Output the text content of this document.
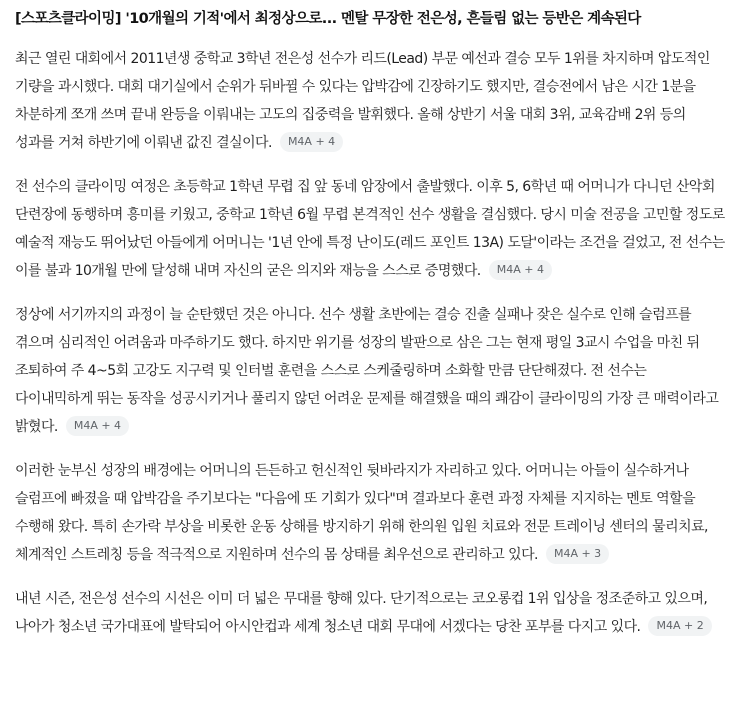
[스포츠클라이밍] '10개월의 기적'에서 최정상으로... 멘탈 무장한 전은성, 흔들림 없는 등반은 계속된다

최근 열린 대회에서 2011년생 중학교 3학년 전은성 선수가 리드(Lead) 부문 예선과 결승 모두 1위를 차지하며 압도적인 기량을 과시했다. 대회 대기실에서 순위가 뒤바뀔 수 있다는 압박감에 긴장하기도 했지만, 결승전에서 남은 시간 1분을 차분하게 쪼개 쓰며 끝내 완등을 이뤄내는 고도의 집중력을 발휘했다. 올해 상반기 서울 대회 3위, 교육감배 2위 등의 성과를 거쳐 하반기에 이뤄낸 값진 결실이다. M4A + 4

전 선수의 클라이밍 여정은 초등학교 1학년 무렵 집 앞 동네 암장에서 출발했다. 이후 5, 6학년 때 어머니가 다니던 산악회 단련장에 동행하며 흥미를 키웠고, 중학교 1학년 6월 무렵 본격적인 선수 생활을 결심했다. 당시 미술 전공을 고민할 정도로 예술적 재능도 뛰어났던 아들에게 어머니는 '1년 안에 특정 난이도(레드 포인트 13A) 도달'이라는 조건을 걸었고, 전 선수는 이를 불과 10개월 만에 달성해 내며 자신의 굳은 의지와 재능을 스스로 증명했다. M4A + 4

정상에 서기까지의 과정이 늘 순탄했던 것은 아니다. 선수 생활 초반에는 결승 진출 실패나 잦은 실수로 인해 슬럼프를 겪으며 심리적인 어려움과 마주하기도 했다. 하지만 위기를 성장의 발판으로 삼은 그는 현재 평일 3교시 수업을 마친 뒤 조퇴하여 주 4~5회 고강도 지구력 및 인터벌 훈련을 스스로 스케줄링하며 소화할 만큼 단단해졌다. 전 선수는 다이내믹하게 뛰는 동작을 성공시키거나 풀리지 않던 어려운 문제를 해결했을 때의 쾌감이 클라이밍의 가장 큰 매력이라고 밝혔다. M4A + 4

이러한 눈부신 성장의 배경에는 어머니의 든든하고 헌신적인 뒷바라지가 자리하고 있다. 어머니는 아들이 실수하거나 슬럼프에 빠졌을 때 압박감을 주기보다는 "다음에 또 기회가 있다"며 결과보다 훈련 과정 자체를 지지하는 멘토 역할을 수행해 왔다. 특히 손가락 부상을 비롯한 운동 상해를 방지하기 위해 한의원 입원 치료와 전문 트레이닝 센터의 물리치료, 체계적인 스트레칭 등을 적극적으로 지원하며 선수의 몸 상태를 최우선으로 관리하고 있다. M4A + 3

내년 시즌, 전은성 선수의 시선은 이미 더 넓은 무대를 향해 있다. 단기적으로는 코오롱컵 1위 입상을 정조준하고 있으며, 나아가 청소년 국가대표에 발탁되어 아시안컵과 세계 청소년 대회 무대에 서겠다는 당찬 포부를 다지고 있다. M4A + 2
